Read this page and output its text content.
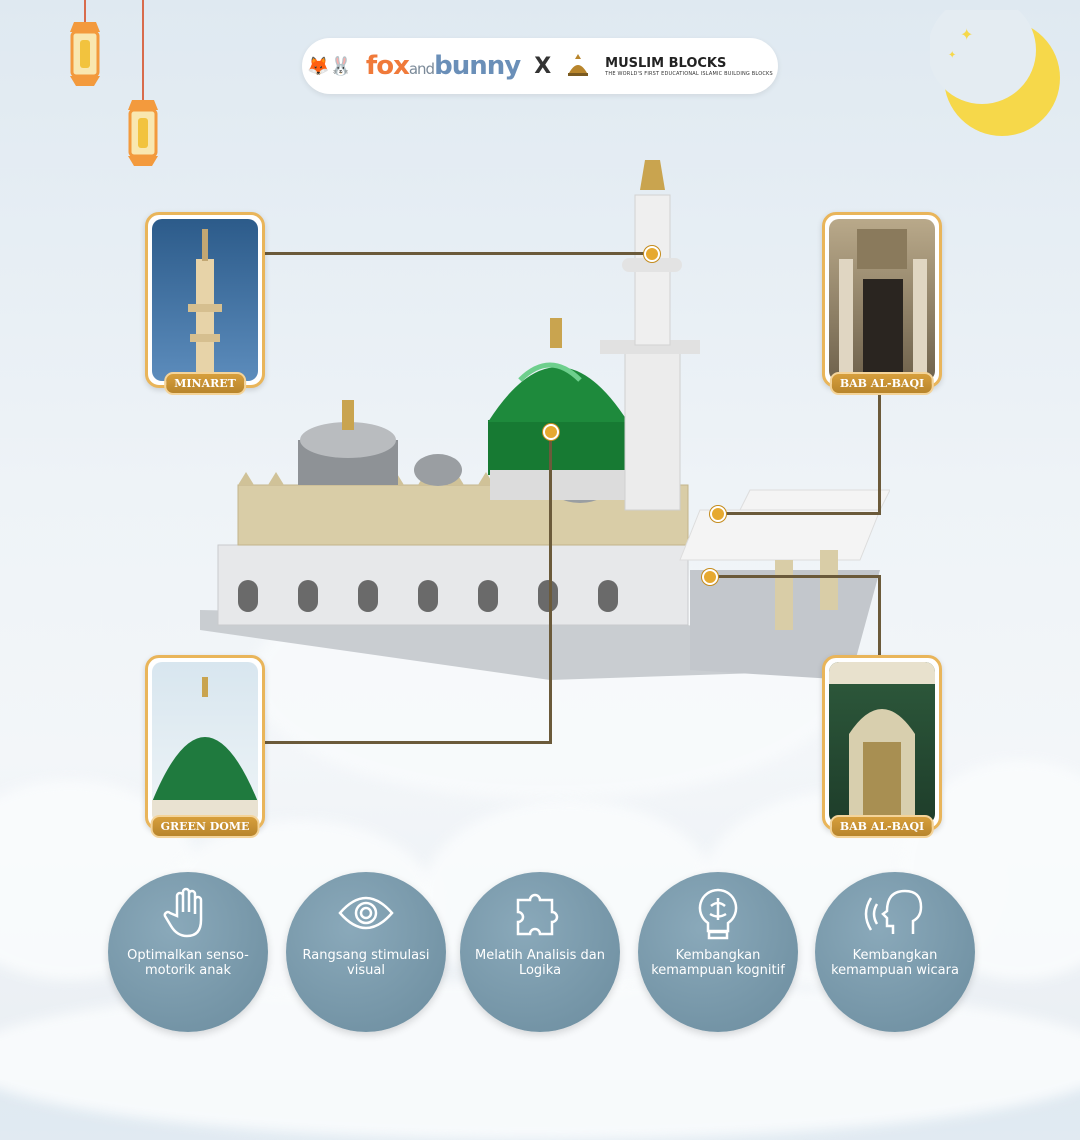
✦
✦
🦊🐰 foxandbunny X	MUSLIM BLOCKS
THE WORLD'S FIRST EDUCATIONAL ISLAMIC BUILDING BLOCKS
MINARET	BAB AL-BAQI
GREEN DOME	BAB AL-BAQI
Optimalkan senso-motorik anak
Rangsang stimulasi visual
Melatih Analisis dan Logika
Kembangkan kemampuan kognitif
Kembangkan kemampuan wicara
